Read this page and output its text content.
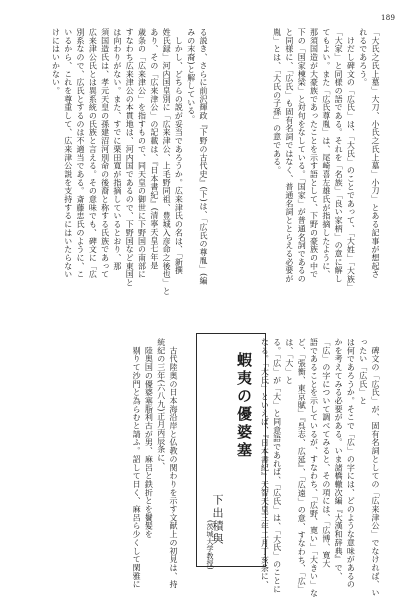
189
「大氏之氏上墓」大刀、小氏之氏上墓」小刀」とある記事が想起さ
れるであろう。
　けだし碑文の「広氏」は、「大氏」のことであって、「大姓」「大族」
「大家」と同様の語である。それを「名族」「良い家柄」の意に解し
てもよい。また「広氏尊胤」は、尾崎喜左雄氏が指摘したように、
那須国造が大豪族であったことを示す語として、下野の豪族の中で
下の「国家棟梁」と対句をなしている。「国家」が普通名詞であるの
と同様に、「広氏」も固有名詞ではなく、普通名詞ととらえる必要が
胤」とは、「大氏の子孫」の意である。
る説き、さらに前沢輝政『下野の古代史』(下)は、「広氏の尊胤」(編
みの末裔)と解している。
　しかし、どちらの説が妥当であろうか。広来津氏の名は、「新撰
姓氏録」河内国皇別に「広来津公、上毛野同祖、豊城入彦命之後也」と
あり、その「広来津公」の記載は、『日本書紀』(清寧天皇七年是
歳条の「広来津公」を指すもので、同天皇の御世に下野国の南部に
すなわち広来津公の本貫地は、河内国であるので、下野国など東国と
は向わりがない。また、すでに栗田寛が指摘しているとおり、那
須国造氏は、孝元天皇の孫建沼河別命の後裔と称する氏族であって
広来津公氏とは異系統の氏族と言える。その意味でも、碑文に「広
別系なので、広氏とするのは不適当である。斎藤忠氏のように、こ
いるから、これを尊重して、広来津公説を支持するにはいたらない
けにはいかない。
　碑文の「広氏」が、固有名詞としての「広来津公」でなければ、いったい「広氏」と
は何であろうか。そこで「広」の字には、どのような意味があるの
かを考えてみる必要がある。いま諸橋轍次編『大漢和辞典』で、
「広」の字について調べてみると、その項には、「広博、寛大
語であることを示しているが、すなわち、「広野、寛い」「大きい」な
ど、「張衡、東京賦」『呉志、広延』、「広遠」の意、すなわち、「広」は、「大」と
る。「広」が「大」と同意語であれば、「広氏」は、「大氏」のことに
なる。「大氏」といえば、『日本書紀』天智天皇三年二月丁亥条に、
蝦夷の優婆塞
下出積與
(茨城大学教授)
　古代陸奥の日本海沿岸と仏教の関わりを示す文献上の初見は、持
統紀の三年(六八九)正月丙辰条に、
　陸奥国の優婆塞脂利古が男、麻呂と鉄折とを鬢髪を
　剔りて沙門と為らむと請ふ。詔して日く、麻呂ら少くして閑雅に
